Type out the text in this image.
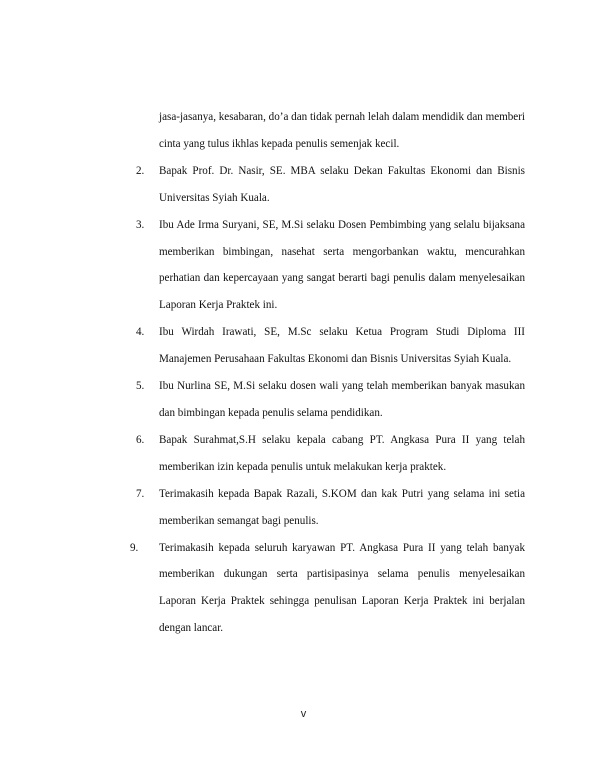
jasa-jasanya, kesabaran, do’a dan tidak pernah lelah dalam mendidik dan memberi cinta yang tulus ikhlas kepada penulis semenjak kecil.
2. Bapak Prof. Dr. Nasir, SE. MBA selaku Dekan Fakultas Ekonomi dan Bisnis Universitas Syiah Kuala.
3. Ibu Ade Irma Suryani, SE, M.Si selaku Dosen Pembimbing yang selalu bijaksana memberikan bimbingan, nasehat serta mengorbankan waktu, mencurahkan perhatian dan kepercayaan yang sangat berarti bagi penulis dalam menyelesaikan Laporan Kerja Praktek ini.
4. Ibu Wirdah Irawati, SE, M.Sc selaku Ketua Program Studi Diploma III Manajemen Perusahaan Fakultas Ekonomi dan Bisnis Universitas Syiah Kuala.
5. Ibu Nurlina SE, M.Si selaku dosen wali yang telah memberikan banyak masukan dan bimbingan kepada penulis selama pendidikan.
6. Bapak Surahmat,S.H selaku kepala cabang PT. Angkasa Pura II yang telah memberikan izin kepada penulis untuk melakukan kerja praktek.
7. Terimakasih kepada Bapak Razali, S.KOM dan kak Putri yang selama ini setia memberikan semangat bagi penulis.
9. Terimakasih kepada seluruh karyawan PT. Angkasa Pura II yang telah banyak memberikan dukungan serta partisipasinya selama penulis menyelesaikan Laporan Kerja Praktek sehingga penulisan Laporan Kerja Praktek ini berjalan dengan lancar.
v
